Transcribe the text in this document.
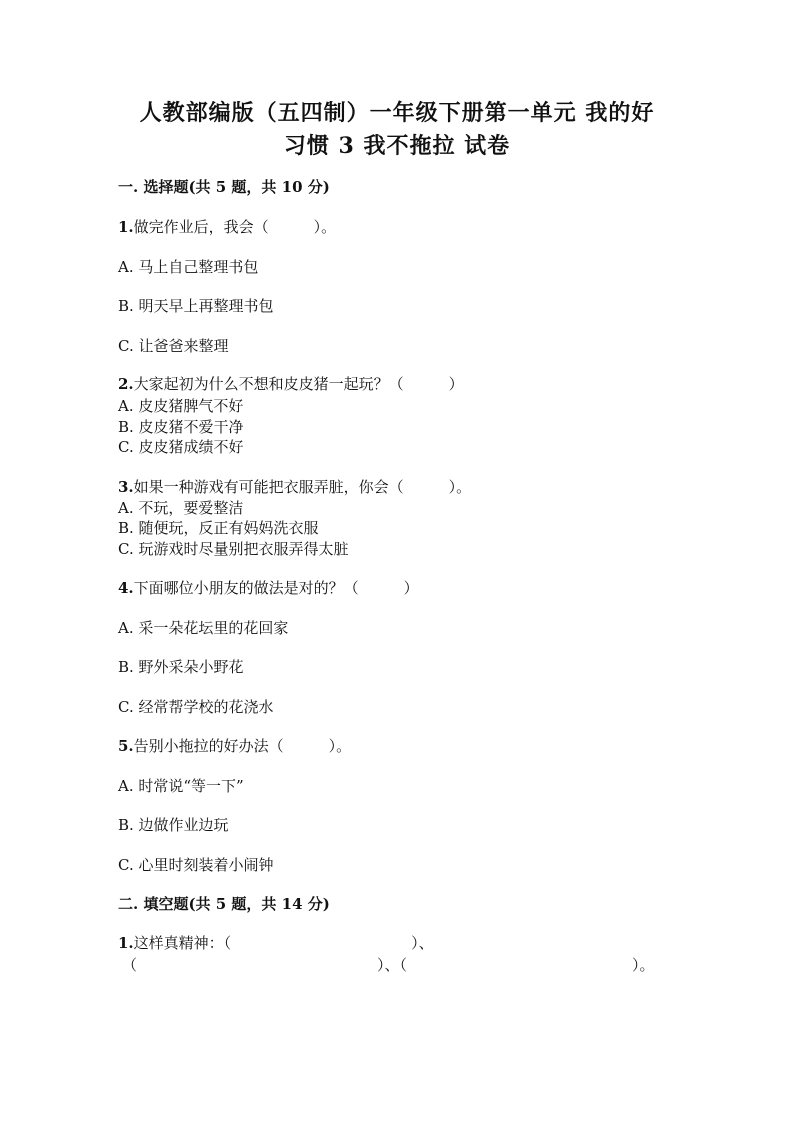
人教部编版（五四制）一年级下册第一单元 我的好
习惯 3 我不拖拉 试卷
一. 选择题(共 5 题，共 10 分)
1.做完作业后，我会（　　　）。
A. 马上自己整理书包
B. 明天早上再整理书包
C. 让爸爸来整理
2.大家起初为什么不想和皮皮猪一起玩？（　　　）
A. 皮皮猪脾气不好
B. 皮皮猪不爱干净
C. 皮皮猪成绩不好
3.如果一种游戏有可能把衣服弄脏，你会（　　　）。
A. 不玩，要爱整洁
B. 随便玩，反正有妈妈洗衣服
C. 玩游戏时尽量别把衣服弄得太脏
4.下面哪位小朋友的做法是对的？（　　　）
A. 采一朵花坛里的花回家
B. 野外采朵小野花
C. 经常帮学校的花浇水
5.告别小拖拉的好办法（　　　）。
A. 时常说“等一下”
B. 边做作业边玩
C. 心里时刻装着小闹钟
二. 填空题(共 5 题，共 14 分)
1.这样真精神：（　　　　　　　　　　　　）、
（　　　　　　　　　　　　　　　　）、（　　　　　　　　　　　　　　　）。
